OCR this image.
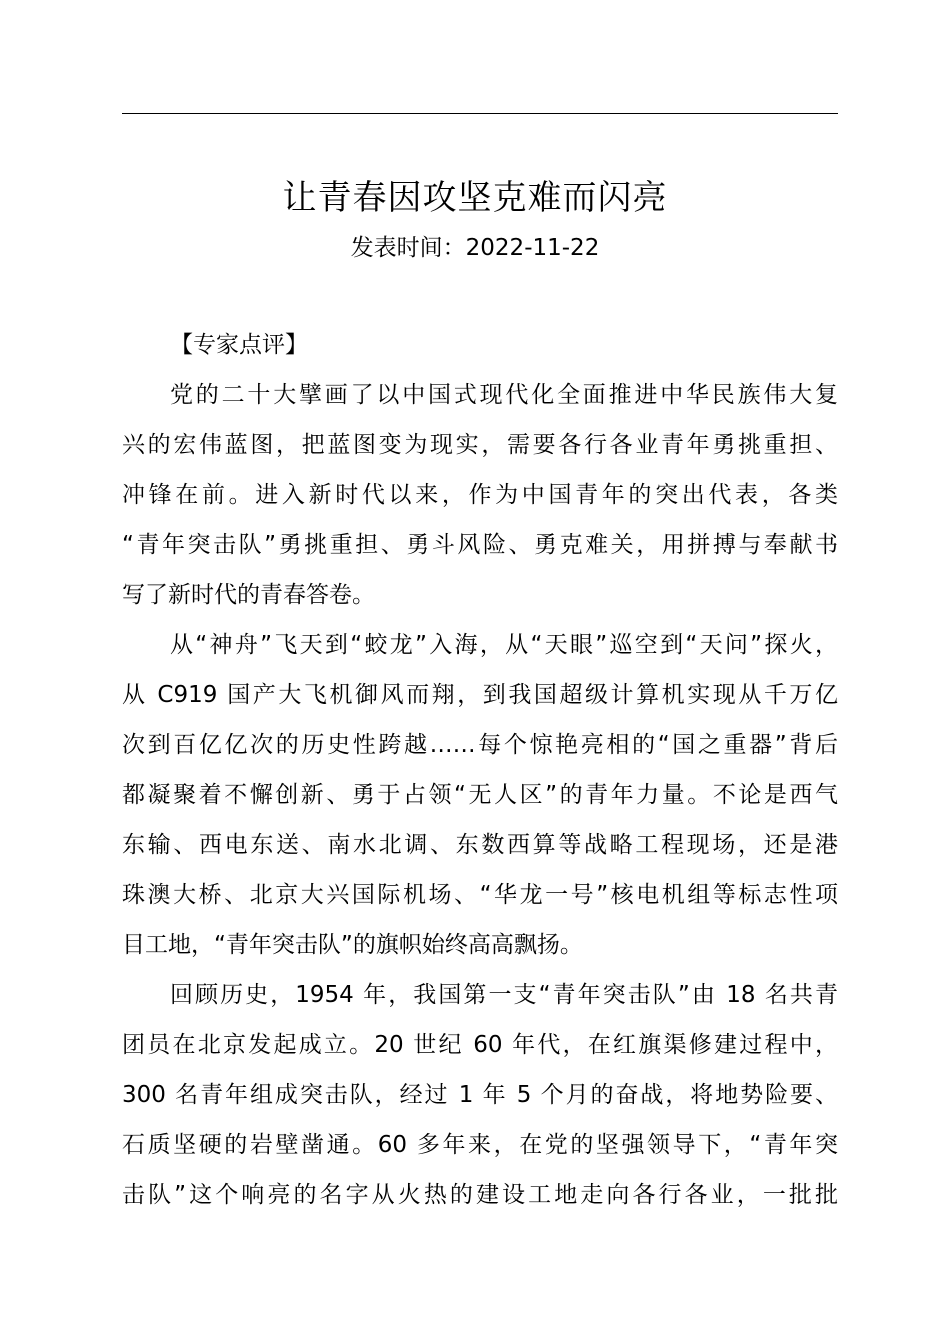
让青春因攻坚克难而闪亮
发表时间：2022-11-22
【专家点评】
党的二十大擘画了以中国式现代化全面推进中华民族伟大复
兴的宏伟蓝图，把蓝图变为现实，需要各行各业青年勇挑重担、
冲锋在前。进入新时代以来，作为中国青年的突出代表，各类
“青年突击队”勇挑重担、勇斗风险、勇克难关，用拼搏与奉献书
写了新时代的青春答卷。
从“神舟”飞天到“蛟龙”入海，从“天眼”巡空到“天问”探火，
从 C919 国产大飞机御风而翔，到我国超级计算机实现从千万亿
次到百亿亿次的历史性跨越……每个惊艳亮相的“国之重器”背后
都凝聚着不懈创新、勇于占领“无人区”的青年力量。不论是西气
东输、西电东送、南水北调、东数西算等战略工程现场，还是港
珠澳大桥、北京大兴国际机场、“华龙一号”核电机组等标志性项
目工地，“青年突击队”的旗帜始终高高飘扬。
回顾历史，1954 年，我国第一支“青年突击队”由 18 名共青
团员在北京发起成立。20 世纪 60 年代，在红旗渠修建过程中，
300 名青年组成突击队，经过 1 年 5 个月的奋战，将地势险要、
石质坚硬的岩壁凿通。60 多年来，在党的坚强领导下，“青年突
击队”这个响亮的名字从火热的建设工地走向各行各业，一批批
